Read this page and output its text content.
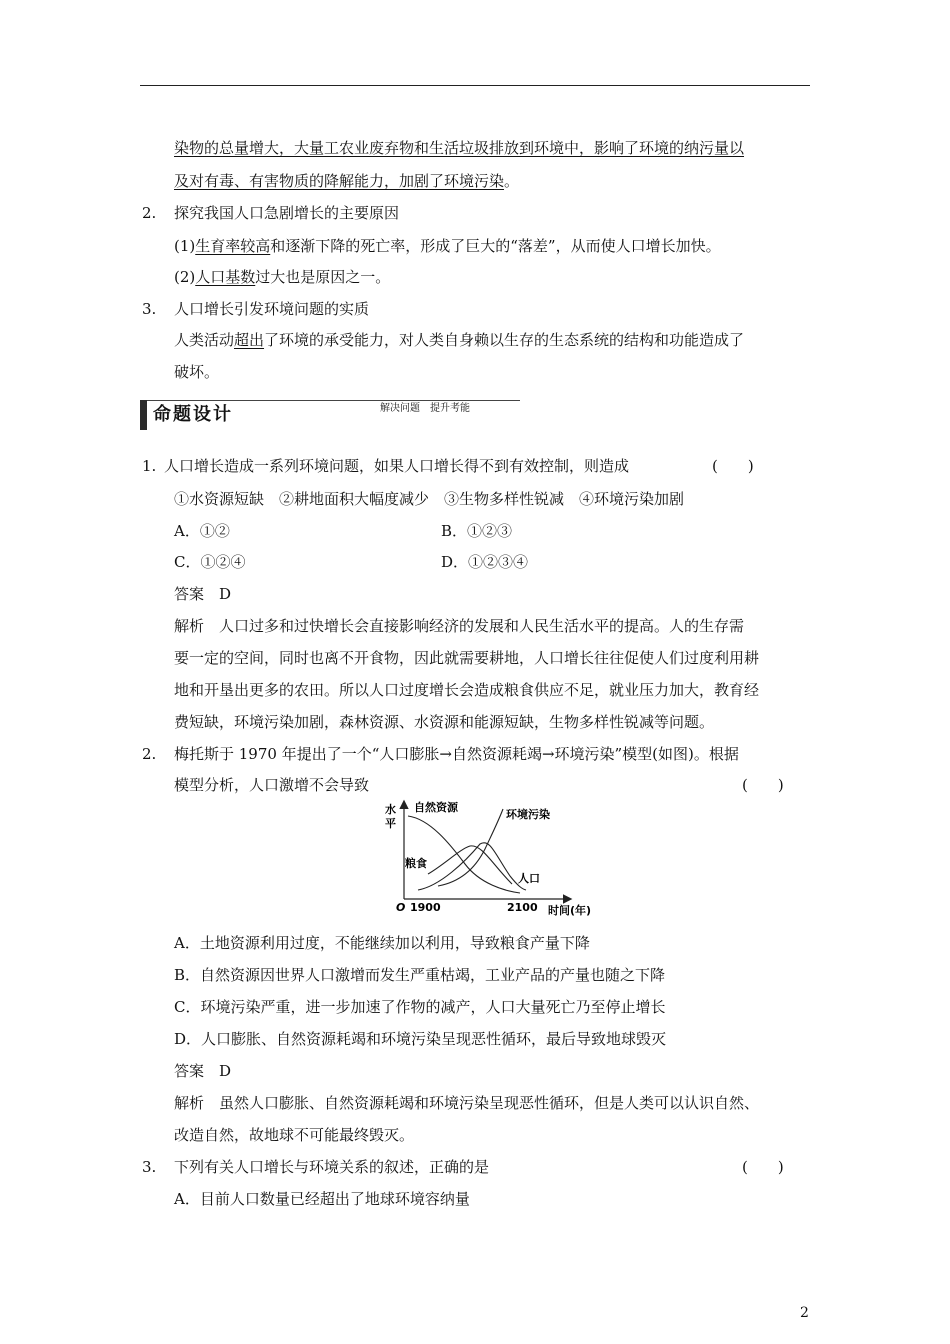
染物的总量增大，大量工农业废弃物和生活垃圾排放到环境中，影响了环境的纳污量以
及对有毒、有害物质的降解能力，加剧了环境污染。
2. 探究我国人口急剧增长的主要原因
(1)生育率较高和逐渐下降的死亡率，形成了巨大的“落差”，从而使人口增长加快。
(2)人口基数过大也是原因之一。
3. 人口增长引发环境问题的实质
人类活动超出了环境的承受能力，对人类自身赖以生存的生态系统的结构和功能造成了
破坏。
命题设计	解决问题　提升考能
1. 人口增长造成一系列环境问题，如果人口增长得不到有效控制，则造成	(　　)
①水资源短缺　②耕地面积大幅度减少　③生物多样性锐减　④环境污染加剧
A．①②	B．①②③
C．①②④	D．①②③④
答案　D
解析　人口过多和过快增长会直接影响经济的发展和人民生活水平的提高。人的生存需
要一定的空间，同时也离不开食物，因此就需要耕地，人口增长往往促使人们过度利用耕
地和开垦出更多的农田。所以人口过度增长会造成粮食供应不足，就业压力加大，教育经
费短缺，环境污染加剧，森林资源、水资源和能源短缺，生物多样性锐减等问题。
2. 梅托斯于 1970 年提出了一个“人口膨胀→自然资源耗竭→环境污染”模型(如图)。根据
模型分析，人口激增不会导致	(　　)
水
平
自然资源
环境污染
粮食
人口
O 1900	2100 时间(年)
A．土地资源利用过度，不能继续加以利用，导致粮食产量下降
B．自然资源因世界人口激增而发生严重枯竭，工业产品的产量也随之下降
C．环境污染严重，进一步加速了作物的减产，人口大量死亡乃至停止增长
D．人口膨胀、自然资源耗竭和环境污染呈现恶性循环，最后导致地球毁灭
答案　D
解析　虽然人口膨胀、自然资源耗竭和环境污染呈现恶性循环，但是人类可以认识自然、
改造自然，故地球不可能最终毁灭。
3. 下列有关人口增长与环境关系的叙述，正确的是	(　　)
A．目前人口数量已经超出了地球环境容纳量
2
